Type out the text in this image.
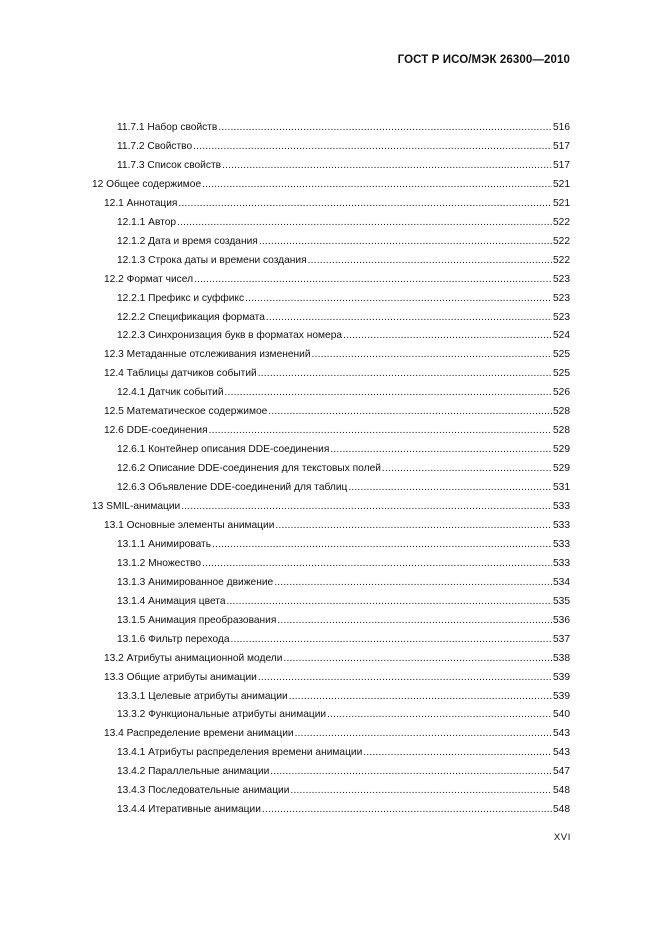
ГОСТ Р ИСО/МЭК 26300—2010
11.7.1 Набор свойств .....	516
11.7.2 Свойство .....	517
11.7.3 Список свойств .....	517
12 Общее содержимое .....	521
12.1 Аннотация .....	521
12.1.1 Автор .....	522
12.1.2 Дата и время создания .....	522
12.1.3 Строка даты и времени создания .....	522
12.2 Формат чисел .....	523
12.2.1 Префикс и суффикс .....	523
12.2.2 Спецификация формата .....	523
12.2.3 Синхронизация букв в форматах номера .....	524
12.3 Метаданные отслеживания изменений .....	525
12.4 Таблицы датчиков событий .....	525
12.4.1 Датчик событий .....	526
12.5 Математическое содержимое .....	528
12.6 DDE-соединения .....	528
12.6.1 Контейнер описания DDE-соединения .....	529
12.6.2 Описание DDE-соединения для текстовых полей .....	529
12.6.3 Объявление DDE-соединений для таблиц .....	531
13 SMIL-анимации .....	533
13.1 Основные элементы анимации .....	533
13.1.1 Анимировать .....	533
13.1.2 Множество .....	533
13.1.3 Анимированное движение .....	534
13.1.4 Анимация цвета .....	535
13.1.5 Анимация преобразования .....	536
13.1.6 Фильтр перехода .....	537
13.2 Атрибуты анимационной модели .....	538
13.3 Общие атрибуты анимации .....	539
13.3.1 Целевые атрибуты анимации .....	539
13.3.2 Функциональные атрибуты анимации .....	540
13.4 Распределение времени анимации .....	543
13.4.1 Атрибуты распределения времени анимации .....	543
13.4.2 Параллельные анимации .....	547
13.4.3 Последовательные анимации .....	548
13.4.4 Итеративные анимации .....	548
XVI
